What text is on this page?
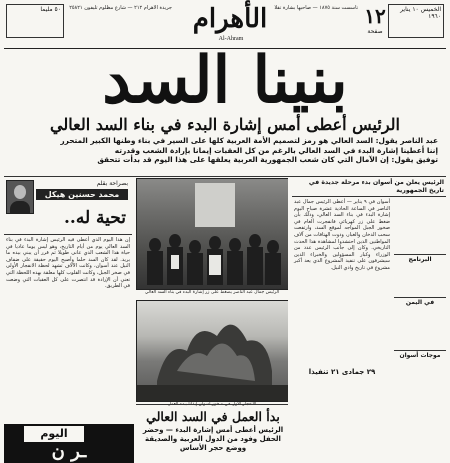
٥٠ مليما	جريدة الأهرام ٢١٢ — شارع مظلوم تليفون ٢٥٨٢١ الأهرام
Al-Ahram
تأسست سنة ١٨٧٥ — صاحبها بشارة تقلا ١٢
صفحة
الخميس ١٠ يناير ١٩٦٠
بنينا السد
الرئيس أعطى أمس إشارة البدء في بناء السد العالي
عبد الناصر يقول: السد العالي هو رمز لتصميم الأمة العربية كلها على السير في بناء وطنها الكبير المتحرر
إننا أعطينا إشارة البدء في السد العالي بالرغم من كل العقبات إيمانا بإرادة الشعب وقدرته
توفيق يقول: إن الآمال التي كان شعب الجمهورية العربية يعلقها على هذا اليوم قد بدأت تتحقق
بصراحة بقلم
محمد حسنين هيكل
تحية له..
إن هذا اليوم الذي أعطى فيه الرئيس إشارة البدء في بناء السد العالي يوم من أيام التاريخ، وهو ليس يوما عاديا في حياة هذا الشعب الذي عانى طويلا ثم قرر أن يبني بيده ما يريد. لقد كان السد حلما وأصبح اليوم حقيقة على ضفاف النيل عند أسوان، وكانت الآلاف تشهد لحظة الانفجار الأولى في صخر الجبل، وكانت القلوب كلها معلقة بهذه اللحظة التي تعني أن الإرادة قد انتصرت على كل العقبات التي وضعت في الطريق.
الرئيس جمال عبد الناصر يضغط على زر إشارة البدء في بناء السد العالي
الرئيس يعلن من أسوان بدء مرحلة جديدة في تاريخ الجمهورية
أسوان في ٩ يناير — أعطى الرئيس جمال عبد الناصر في الساعة الحادية عشرة صباح اليوم إشارة البدء في بناء السد العالي، وذلك بأن ضغط على زر كهربائي فانفجرت ألغام في صخور الجبل المواجه لموقع السد، وارتفعت سحب الدخان والغبار، ودوت الهتافات من آلاف المواطنين الذين احتشدوا لمشاهدة هذا الحدث التاريخي. وكان إلى جانب الرئيس عدد من الوزراء وكبار المسؤولين والخبراء الذين سيشرفون على تنفيذ المشروع الذي يعد أكبر مشروع في تاريخ وادي النيل.
البرنامج
في اليمن
موجات أسوان
٢٩ جمادى ٢١ تنفيذا
اليوم
ـر ن
بدأ العمل في السد العالي
الرئيس أعطى أمس إشارة البدء — وحضر الحفل وفود من الدول العربية والصديقة ووضع حجر الأساس
